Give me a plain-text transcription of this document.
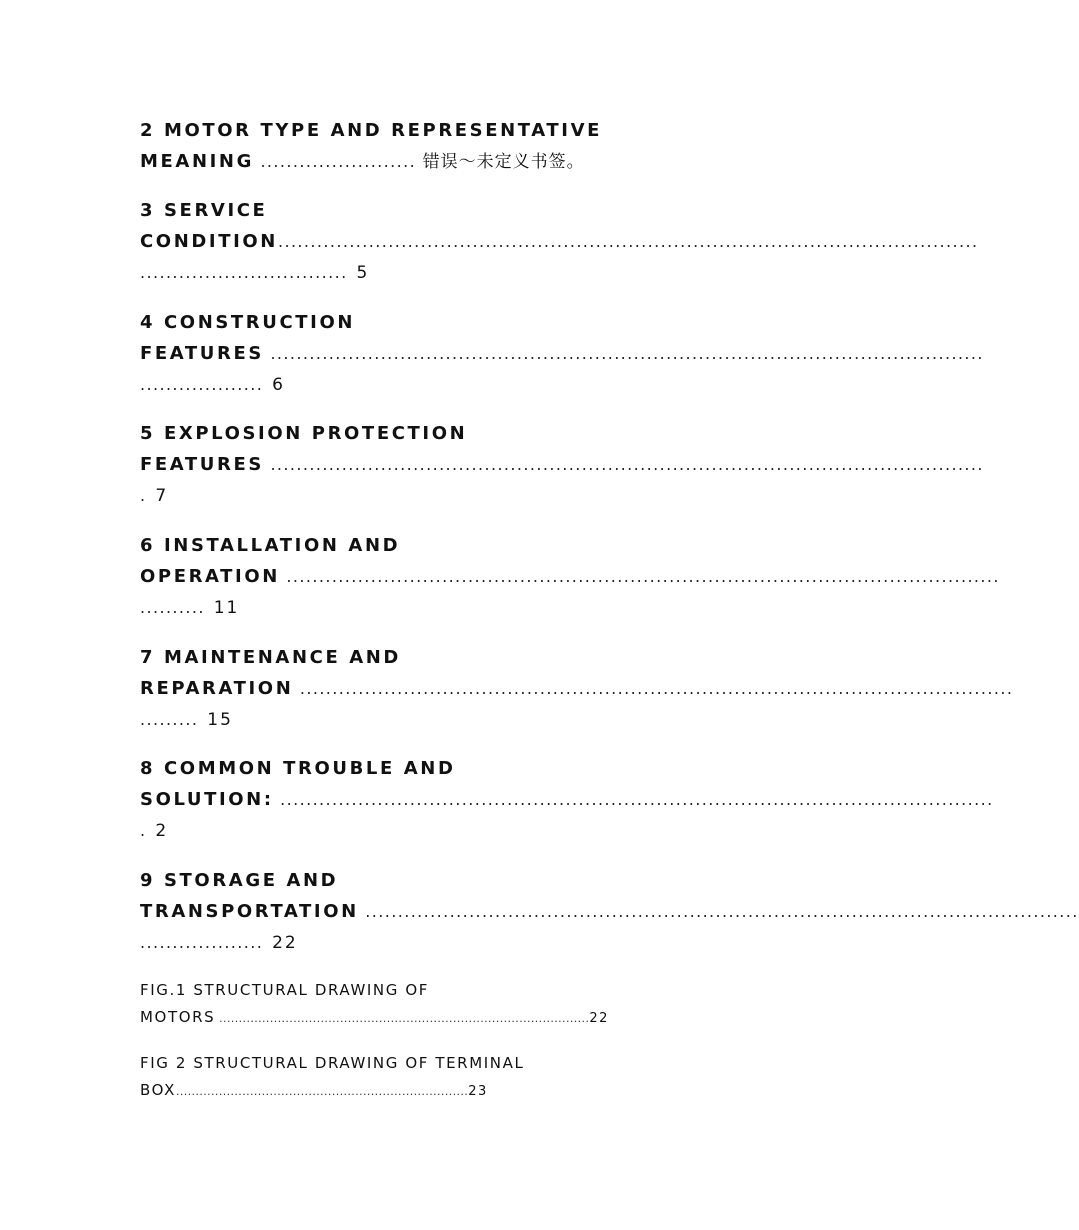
2 MOTOR TYPE AND REPRESENTATIVE
MEANING ........................ 错误～未定义书签。
3 SERVICE
CONDITION............................................................................................................
................................ 5
4 CONSTRUCTION
FEATURES ..............................................................................................................
................... 6
5 EXPLOSION PROTECTION
FEATURES ..............................................................................................................
. 7
6 INSTALLATION AND
OPERATION ..............................................................................................................
.......... 11
7 MAINTENANCE AND
REPARATION ..............................................................................................................
......... 15
8 COMMON TROUBLE AND
SOLUTION: ..............................................................................................................
. 2
9 STORAGE AND
TRANSPORTATION ..............................................................................................................
................... 22
FIG.1 STRUCTURAL DRAWING OF
MOTORS ...............................................................................................22
FIG 2 STRUCTURAL DRAWING OF TERMINAL
BOX...........................................................................23
